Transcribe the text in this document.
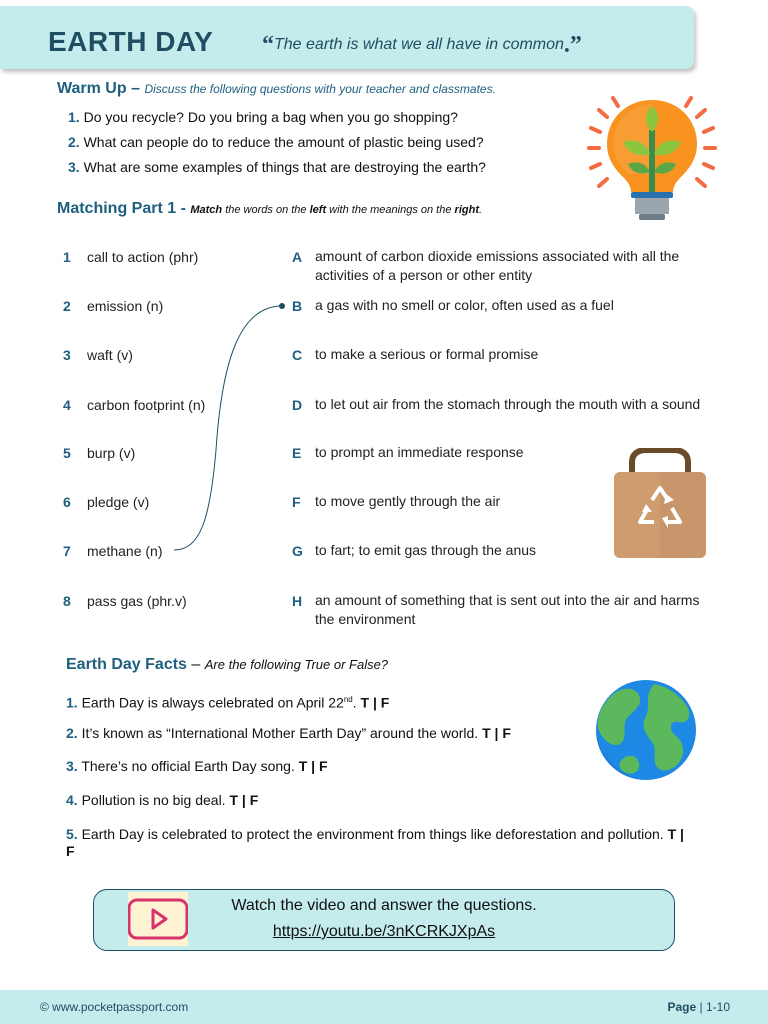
EARTH DAY “The earth is what we all have in common.”
Warm Up – Discuss the following questions with your teacher and classmates.
1. Do you recycle? Do you bring a bag when you go shopping?
2. What can people do to reduce the amount of plastic being used?
3. What are some examples of things that are destroying the earth?
Matching Part 1 - Match the words on the left with the meanings on the right.
1 call to action (phr)
2 emission (n)
3 waft (v)
4 carbon footprint (n)
5 burp (v)
6 pledge (v)
7 methane (n)
8 pass gas (phr.v)
A amount of carbon dioxide emissions associated with all the activities of a person or other entity
B a gas with no smell or color, often used as a fuel
C to make a serious or formal promise
D to let out air from the stomach through the mouth with a sound
E to prompt an immediate response
F to move gently through the air
G to fart; to emit gas through the anus
H an amount of something that is sent out into the air and harms the environment
Earth Day Facts – Are the following True or False?
1. Earth Day is always celebrated on April 22nd. T | F
2. It’s known as “International Mother Earth Day” around the world. T | F
3. There’s no official Earth Day song. T | F
4. Pollution is no big deal. T | F
5. Earth Day is celebrated to protect the environment from things like deforestation and pollution. T | F
Watch the video and answer the questions.
https://youtu.be/3nKCRKJXpAs
© www.pocketpassport.com	Page | 1-10
